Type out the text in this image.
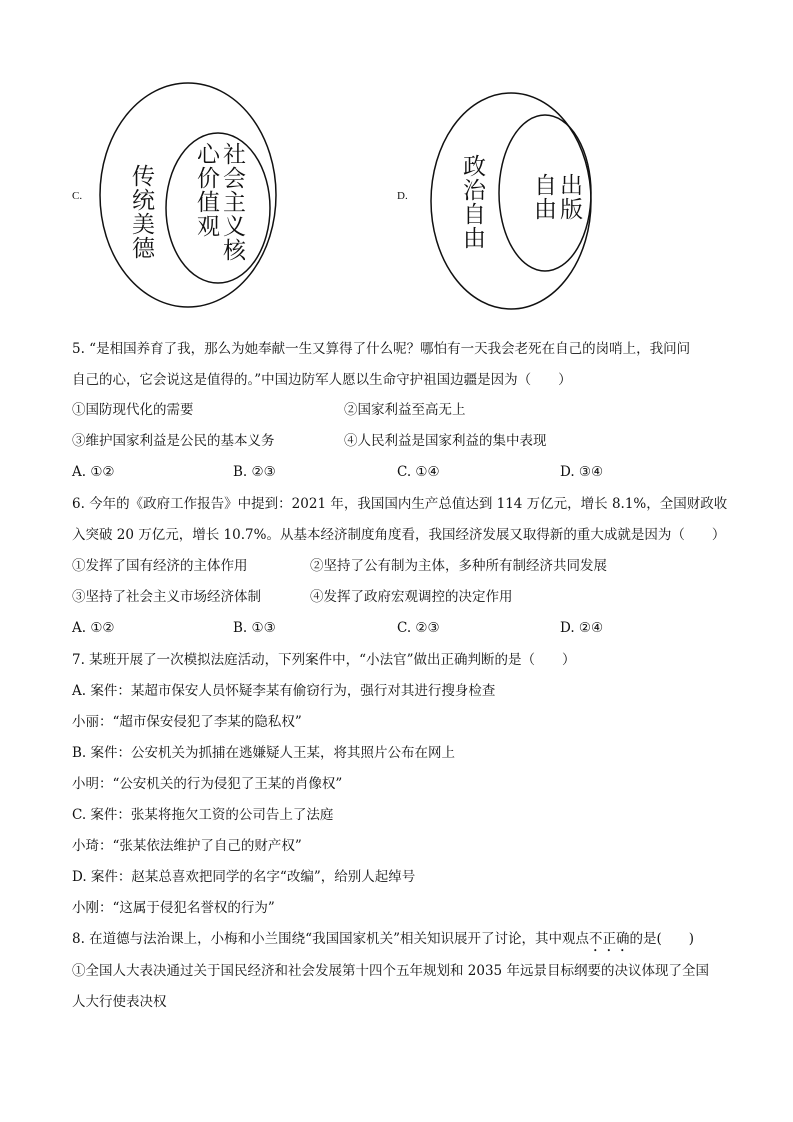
C. 传统美德	社会主义核心价值观	D. 政治自由	出版自由
5. “是相国养育了我，那么为她奉献一生又算得了什么呢？哪怕有一天我会老死在自己的岗哨上，我问问
自己的心，它会说这是值得的。”中国边防军人愿以生命守护祖国边疆是因为（　　）
①国防现代化的需要	②国家利益至高无上
③维护国家利益是公民的基本义务	④人民利益是国家利益的集中表现
A. ①②	B. ②③	C. ①④	D. ③④
6. 今年的《政府工作报告》中提到：2021 年，我国国内生产总值达到 114 万亿元，增长 8.1%，全国财政收
入突破 20 万亿元，增长 10.7%。从基本经济制度角度看，我国经济发展又取得新的重大成就是因为（　　）
①发挥了国有经济的主体作用	②坚持了公有制为主体，多种所有制经济共同发展
③坚持了社会主义市场经济体制	④发挥了政府宏观调控的决定作用
A. ①②	B. ①③	C. ②③	D. ②④
7. 某班开展了一次模拟法庭活动，下列案件中，“小法官”做出正确判断的是（　　）
A. 案件：某超市保安人员怀疑李某有偷窃行为，强行对其进行搜身检查
小丽：“超市保安侵犯了李某的隐私权”
B. 案件：公安机关为抓捕在逃嫌疑人王某，将其照片公布在网上
小明：“公安机关的行为侵犯了王某的肖像权”
C. 案件：张某将拖欠工资的公司告上了法庭
小琦：“张某依法维护了自己的财产权”
D. 案件：赵某总喜欢把同学的名字“改编”，给别人起绰号
小刚：“这属于侵犯名誉权的行为”
8. 在道德与法治课上，小梅和小兰围绕“我国国家机关”相关知识展开了讨论，其中观点不正确的是(　　)
①全国人大表决通过关于国民经济和社会发展第十四个五年规划和 2035 年远景目标纲要的决议体现了全国
人大行使表决权
